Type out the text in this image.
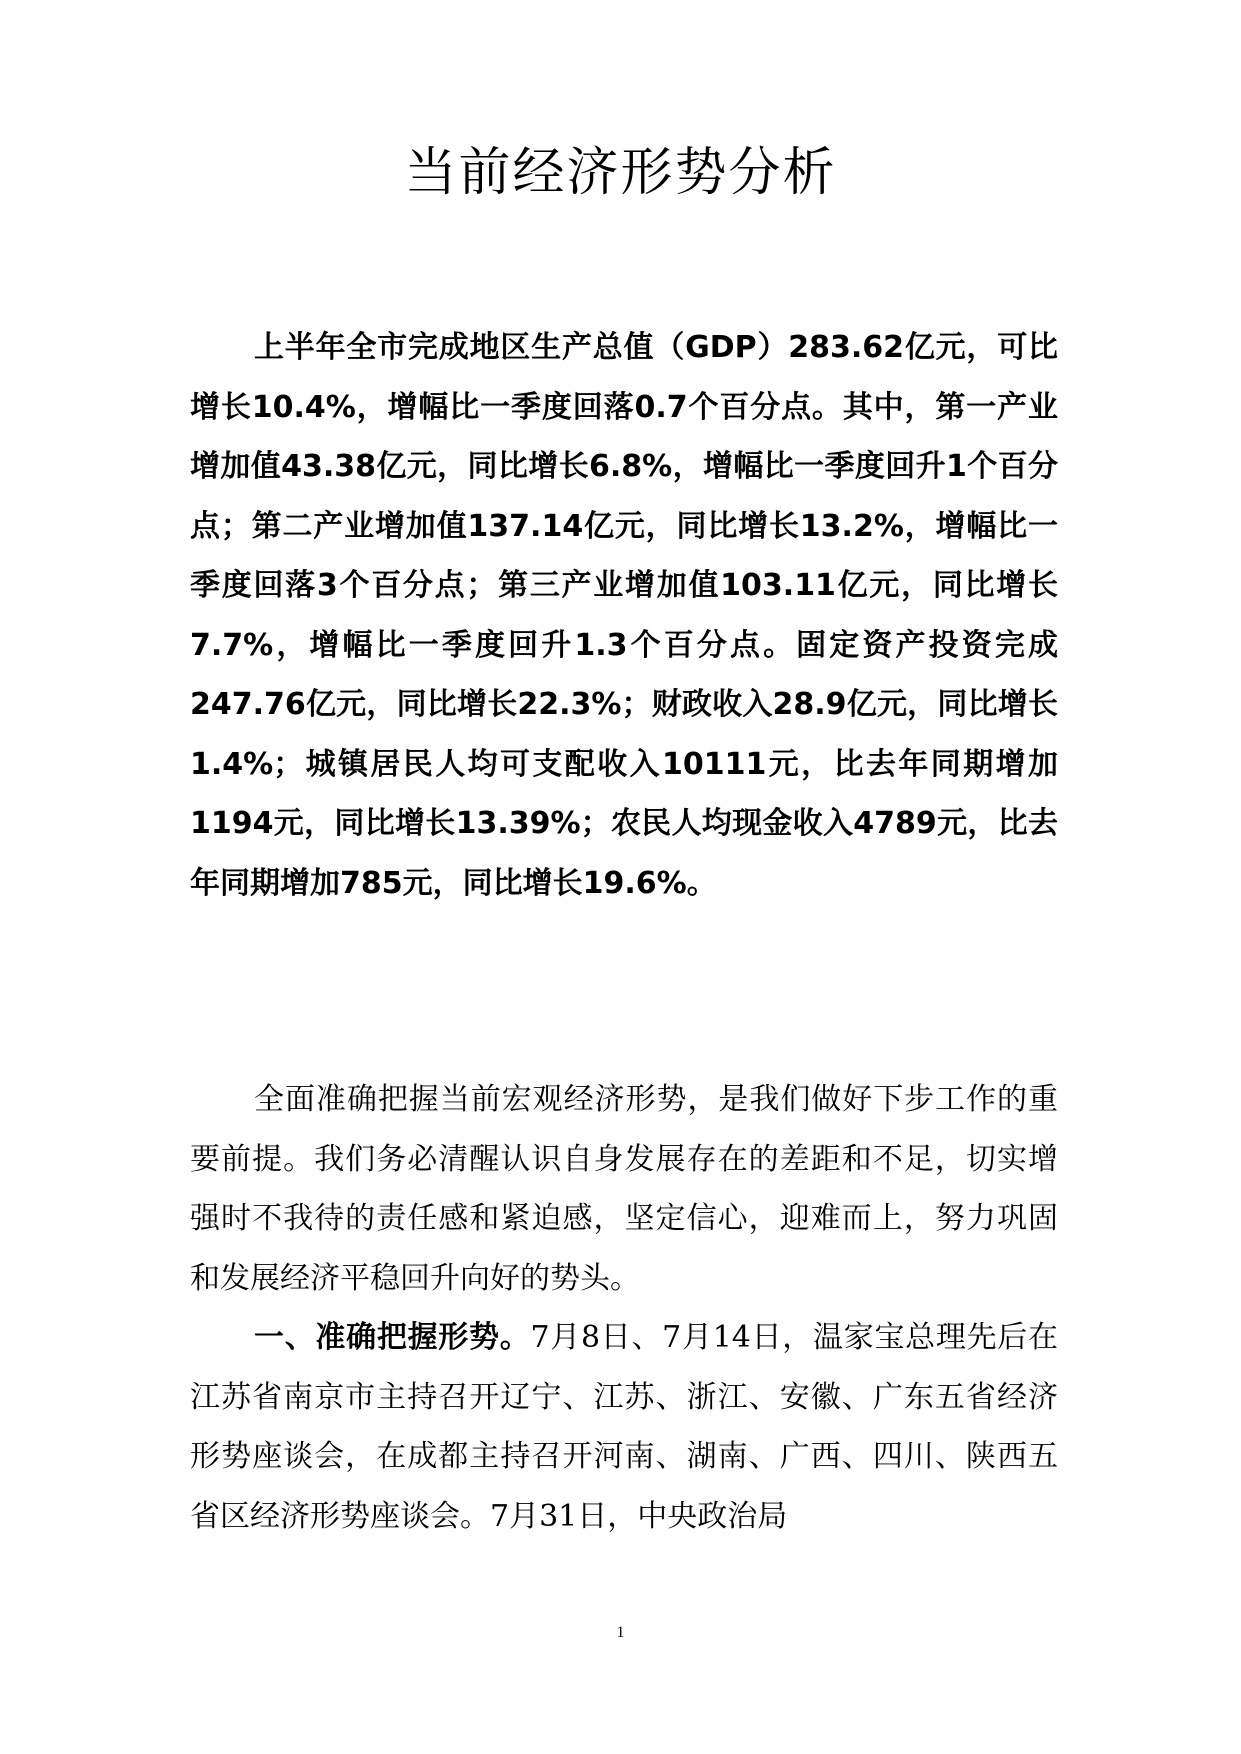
当前经济形势分析

上半年全市完成地区生产总值（GDP）283.62亿元，可比增长10.4%，增幅比一季度回落0.7个百分点。其中，第一产业增加值43.38亿元，同比增长6.8%，增幅比一季度回升1个百分点；第二产业增加值137.14亿元，同比增长13.2%，增幅比一季度回落3个百分点；第三产业增加值103.11亿元，同比增长7.7%，增幅比一季度回升1.3个百分点。固定资产投资完成247.76亿元，同比增长22.3%；财政收入28.9亿元，同比增长1.4%；城镇居民人均可支配收入10111元，比去年同期增加1194元，同比增长13.39%；农民人均现金收入4789元，比去年同期增加785元，同比增长19.6%。

全面准确把握当前宏观经济形势，是我们做好下步工作的重要前提。我们务必清醒认识自身发展存在的差距和不足，切实增强时不我待的责任感和紧迫感，坚定信心，迎难而上，努力巩固和发展经济平稳回升向好的势头。

一、准确把握形势。7月8日、7月14日，温家宝总理先后在江苏省南京市主持召开辽宁、江苏、浙江、安徽、广东五省经济形势座谈会，在成都主持召开河南、湖南、广西、四川、陕西五省区经济形势座谈会。7月31日，中央政治局

1
